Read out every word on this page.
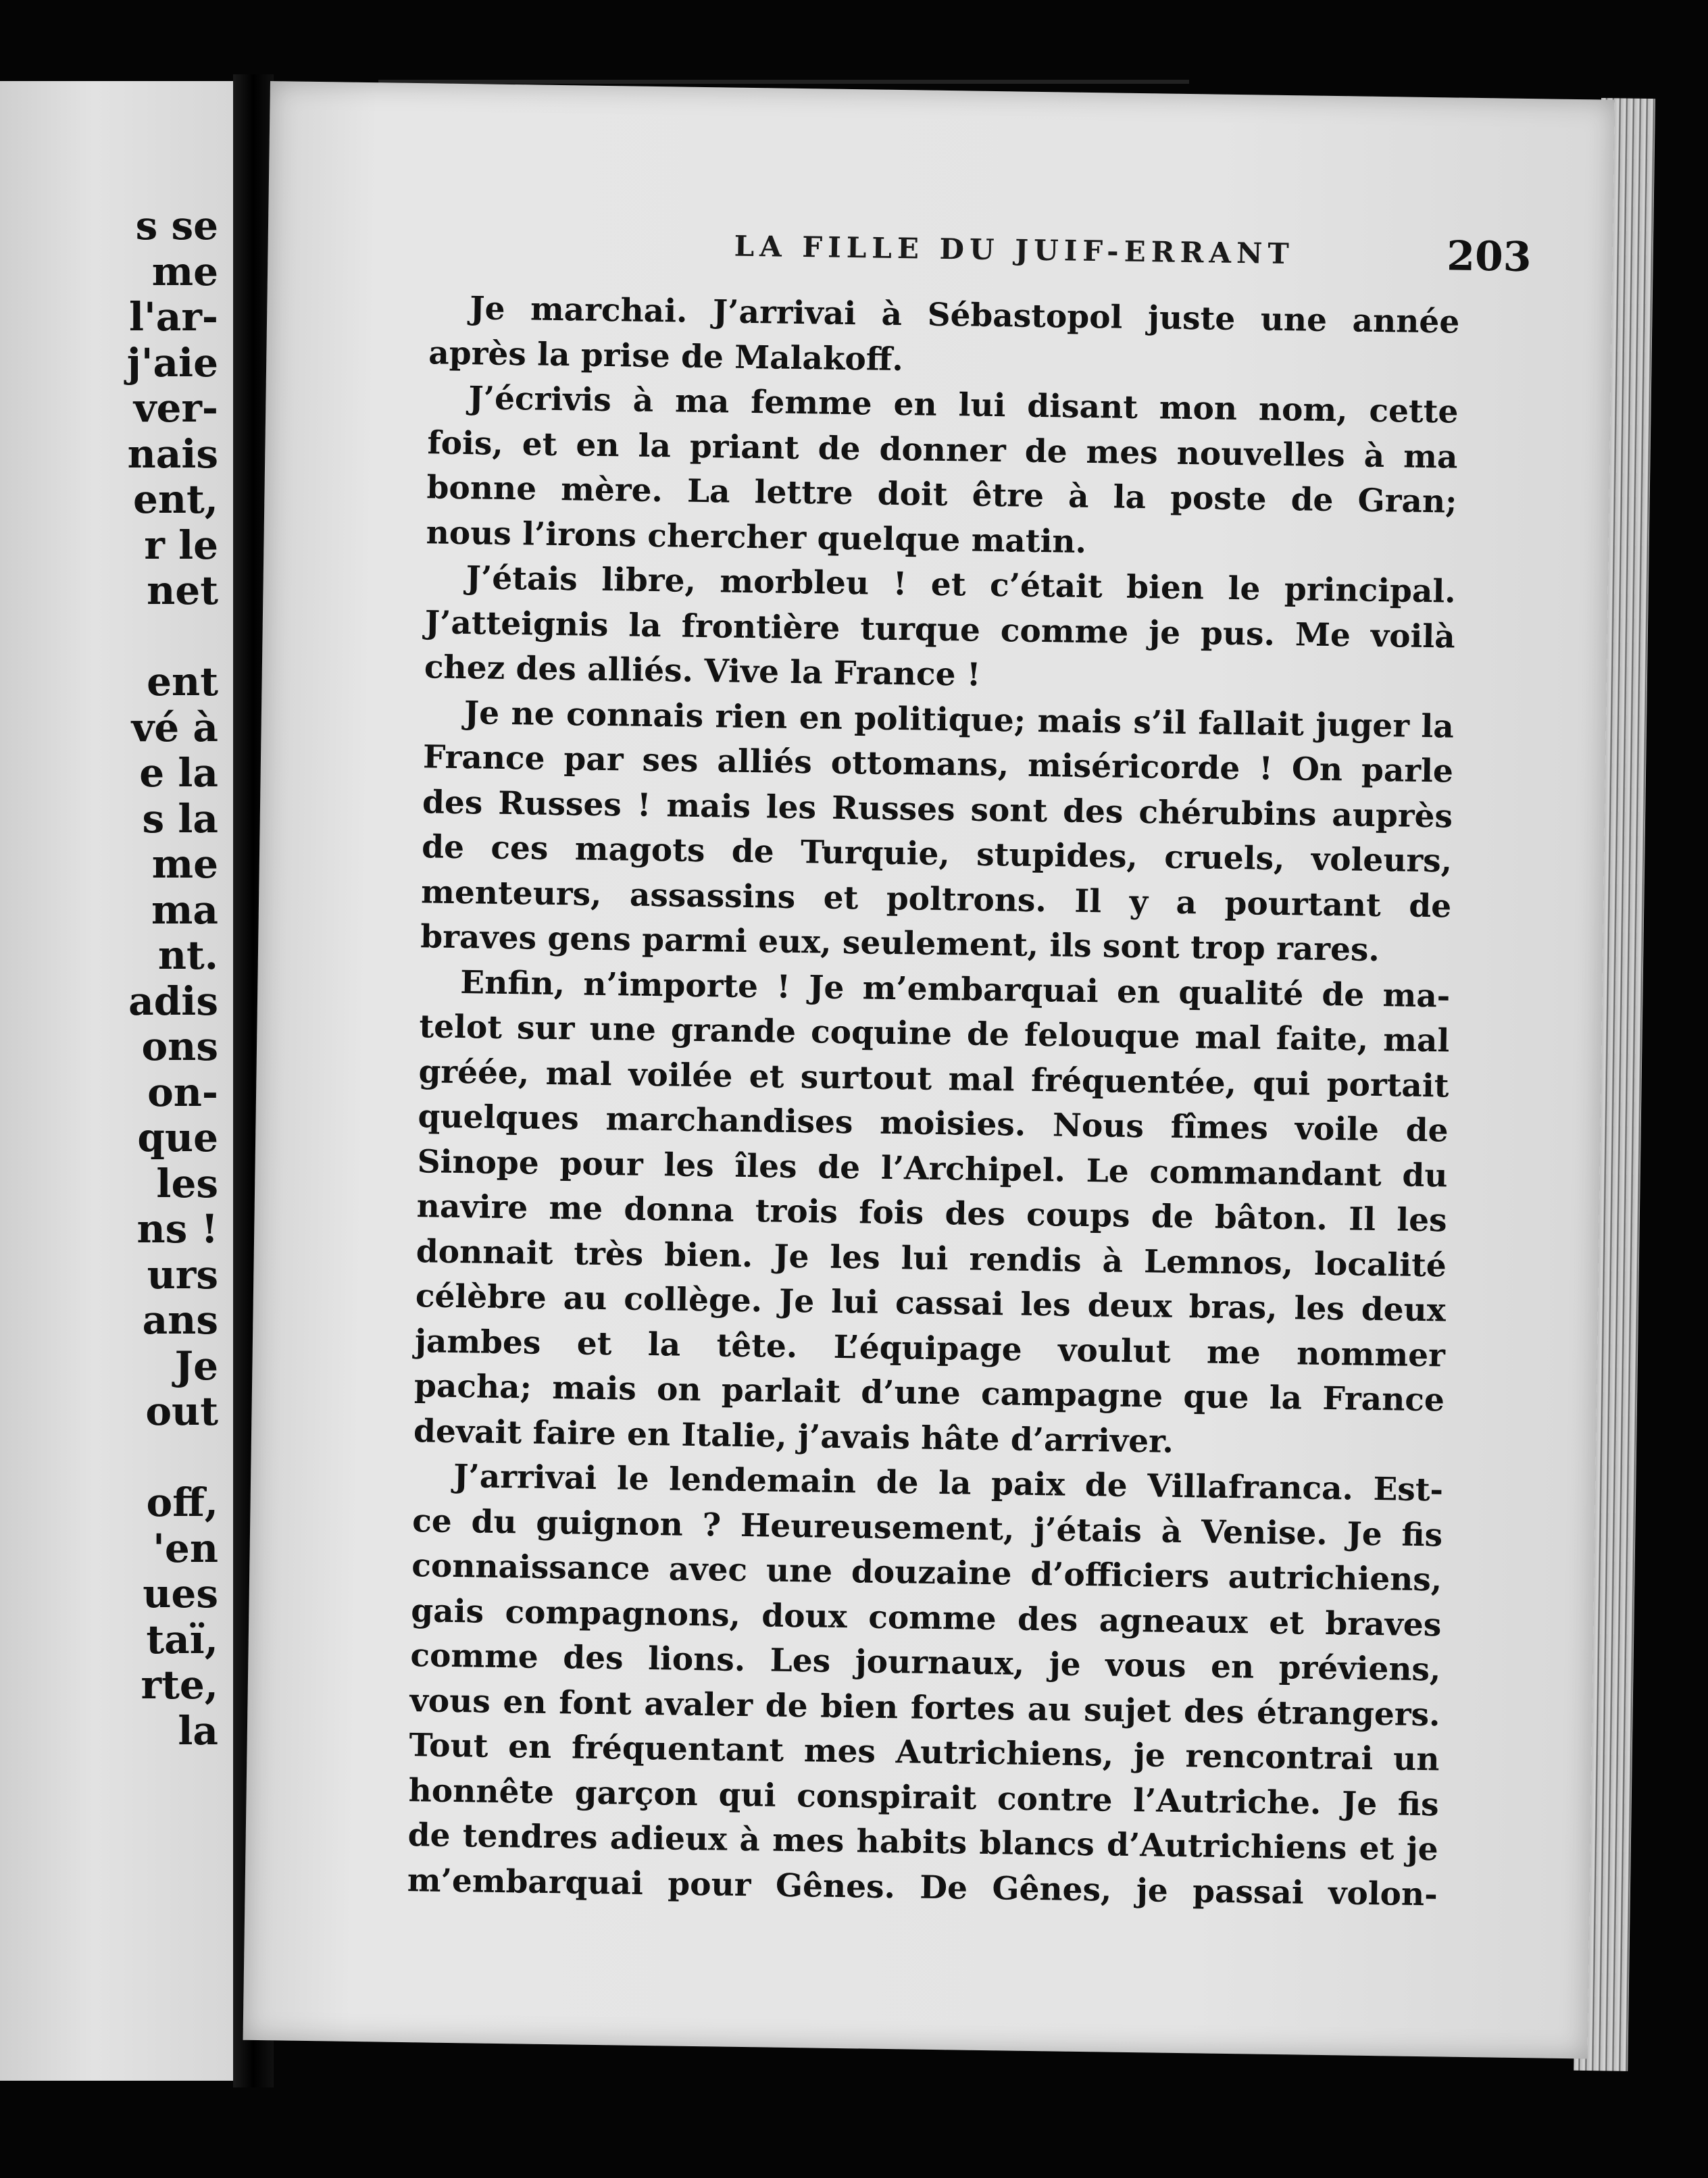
s se
me
l'ar-
j'aie
ver-
nais
ent,
r le
net
ent
vé à
e la
s la
me
ma
nt.
adis
ons
on-
que
les
ns !
urs
ans
Je
out
off,
'en
ues
taï,
rte,
la
LA FILLE DU JUIF-ERRANT	203
Je marchai. J’arrivai à Sébastopol juste une année
après la prise de Malakoff.
J’écrivis à ma femme en lui disant mon nom, cette
fois, et en la priant de donner de mes nouvelles à ma
bonne mère. La lettre doit être à la poste de Gran;
nous l’irons chercher quelque matin.
J’étais libre, morbleu ! et c’était bien le principal.
J’atteignis la frontière turque comme je pus. Me voilà
chez des alliés. Vive la France !
Je ne connais rien en politique; mais s’il fallait juger la
France par ses alliés ottomans, miséricorde ! On parle
des Russes ! mais les Russes sont des chérubins auprès
de ces magots de Turquie, stupides, cruels, voleurs,
menteurs, assassins et poltrons. Il y a pourtant de
braves gens parmi eux, seulement, ils sont trop rares.
Enfin, n’importe ! Je m’embarquai en qualité de ma-
telot sur une grande coquine de felouque mal faite, mal
gréée, mal voilée et surtout mal fréquentée, qui portait
quelques marchandises moisies. Nous fîmes voile de
Sinope pour les îles de l’Archipel. Le commandant du
navire me donna trois fois des coups de bâton. Il les
donnait très bien. Je les lui rendis à Lemnos, localité
célèbre au collège. Je lui cassai les deux bras, les deux
jambes et la tête. L’équipage voulut me nommer
pacha; mais on parlait d’une campagne que la France
devait faire en Italie, j’avais hâte d’arriver.
J’arrivai le lendemain de la paix de Villafranca. Est-
ce du guignon ? Heureusement, j’étais à Venise. Je fis
connaissance avec une douzaine d’officiers autrichiens,
gais compagnons, doux comme des agneaux et braves
comme des lions. Les journaux, je vous en préviens,
vous en font avaler de bien fortes au sujet des étrangers.
Tout en fréquentant mes Autrichiens, je rencontrai un
honnête garçon qui conspirait contre l’Autriche. Je fis
de tendres adieux à mes habits blancs d’Autrichiens et je
m’embarquai pour Gênes. De Gênes, je passai volon-
